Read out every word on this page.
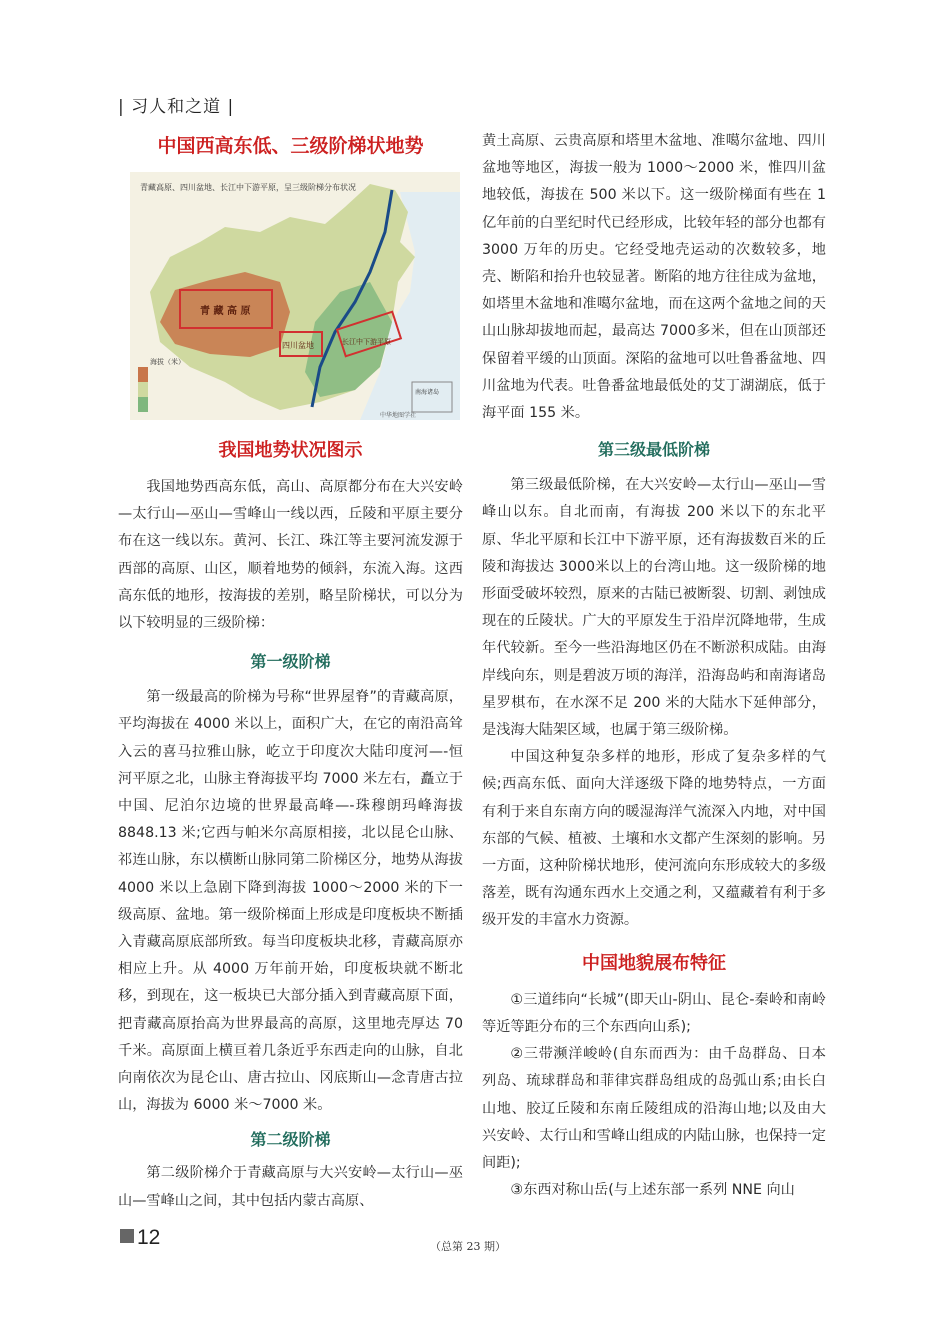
| 习人和之道 |
中国西高东低、三级阶梯状地势
青藏高原、四川盆地、长江中下游平原，呈三级阶梯分布状况
青 藏 高 原
四川盆地	长江中下游平原
海拔（米）
南海诸岛
中华地图学社
我国地势状况图示

我国地势西高东低，高山、高原都分布在大兴安岭—太行山—巫山—雪峰山一线以西，丘陵和平原主要分布在这一线以东。黄河、长江、珠江等主要河流发源于西部的高原、山区，顺着地势的倾斜，东流入海。这西高东低的地形，按海拔的差别，略呈阶梯状，可以分为以下较明显的三级阶梯：

第一级阶梯

第一级最高的阶梯为号称“世界屋脊”的青藏高原，平均海拔在 4000 米以上，面积广大，在它的南沿高耸入云的喜马拉雅山脉，屹立于印度次大陆印度河—-恒河平原之北，山脉主脊海拔平均 7000 米左右，矗立于中国、尼泊尔边境的世界最高峰—-珠穆朗玛峰海拔 8848.13 米;它西与帕米尔高原相接，北以昆仑山脉、祁连山脉，东以横断山脉同第二阶梯区分，地势从海拔 4000 米以上急剧下降到海拔 1000～2000 米的下一级高原、盆地。第一级阶梯面上形成是印度板块不断插入青藏高原底部所致。每当印度板块北移，青藏高原亦相应上升。从 4000 万年前开始，印度板块就不断北移，到现在，这一板块已大部分插入到青藏高原下面，把青藏高原抬高为世界最高的高原，这里地壳厚达 70 千米。高原面上横亘着几条近乎东西走向的山脉，自北向南依次为昆仑山、唐古拉山、冈底斯山—念青唐古拉山，海拔为 6000 米～7000 米。

第二级阶梯

第二级阶梯介于青藏高原与大兴安岭—太行山—巫山—雪峰山之间，其中包括内蒙古高原、

黄土高原、云贵高原和塔里木盆地、准噶尔盆地、四川盆地等地区，海拔一般为 1000～2000 米，惟四川盆地较低，海拔在 500 米以下。这一级阶梯面有些在 1 亿年前的白垩纪时代已经形成，比较年轻的部分也都有 3000 万年的历史。它经受地壳运动的次数较多，地壳、断陷和抬升也较显著。断陷的地方往往成为盆地，如塔里木盆地和准噶尔盆地，而在这两个盆地之间的天山山脉却拔地而起，最高达 7000多米，但在山顶部还保留着平缓的山顶面。深陷的盆地可以吐鲁番盆地、四川盆地为代表。吐鲁番盆地最低处的艾丁湖湖底，低于海平面 155 米。

第三级最低阶梯

第三级最低阶梯，在大兴安岭—太行山—巫山—雪峰山以东。自北而南，有海拔 200 米以下的东北平原、华北平原和长江中下游平原，还有海拔数百米的丘陵和海拔达 3000米以上的台湾山地。这一级阶梯的地形面受破坏较烈，原来的古陆已被断裂、切割、剥蚀成现在的丘陵状。广大的平原发生于沿岸沉降地带，生成年代较新。至今一些沿海地区仍在不断淤积成陆。由海岸线向东，则是碧波万顷的海洋，沿海岛屿和南海诸岛星罗棋布，在水深不足 200 米的大陆水下延伸部分，是浅海大陆架区域，也属于第三级阶梯。

中国这种复杂多样的地形，形成了复杂多样的气候;西高东低、面向大洋逐级下降的地势特点，一方面有利于来自东南方向的暖湿海洋气流深入内地，对中国东部的气候、植被、土壤和水文都产生深刻的影响。另一方面，这种阶梯状地形，使河流向东形成较大的多级落差，既有沟通东西水上交通之利，又蕴藏着有利于多级开发的丰富水力资源。

中国地貌展布特征

①三道纬向“长城”(即天山-阴山、昆仑-秦岭和南岭等近等距分布的三个东西向山系);

②三带濒洋峻岭(自东而西为：由千岛群岛、日本列岛、琉球群岛和菲律宾群岛组成的岛弧山系;由长白山地、胶辽丘陵和东南丘陵组成的沿海山地;以及由大兴安岭、太行山和雪峰山组成的内陆山脉，也保持一定间距);

③东西对称山岳(与上述东部一系列 NNE 向山

12	（总第 23 期）
